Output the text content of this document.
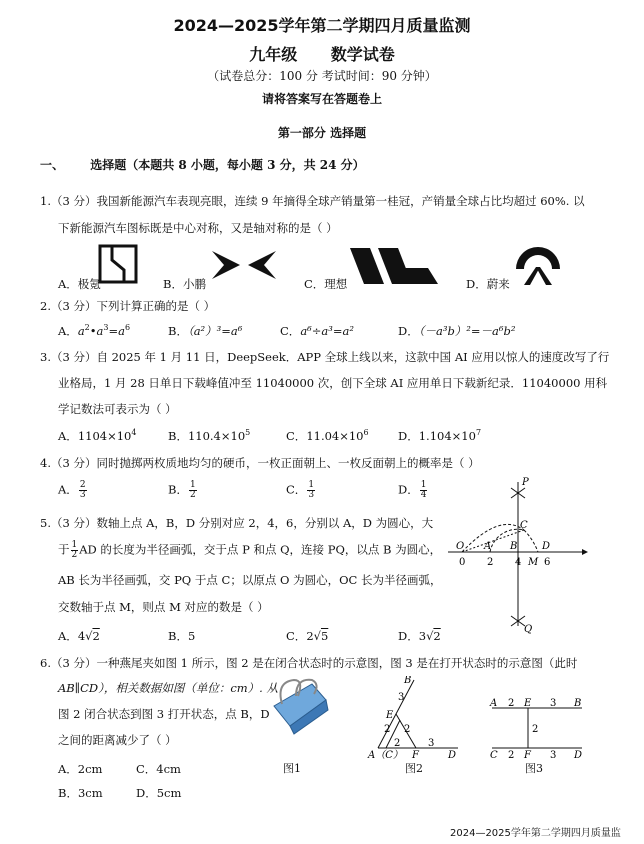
2024—2025学年第二学期四月质量监测
九年级 数学试卷
（试卷总分：100 分 考试时间：90 分钟）
请将答案写在答题卷上
第一部分 选择题
一、 选择题（本题共 8 小题，每小题 3 分，共 24 分）
1.（3 分）我国新能源汽车表现亮眼，连续 9 年摘得全球产销量第一桂冠，产销量全球占比均超过 60%. 以
下新能源汽车图标既是中心对称，又是轴对称的是（ ）
A．极氪	B．小鹏	C．理想	D．蔚来
2.（3 分）下列计算正确的是（ ）
A．$a^2•a^3=a^6$	B．（a²）³=a⁶	C．a⁶÷a³=a²	D．（－a³b）²=－a⁶b²
3.（3 分）自 2025 年 1 月 11 日，DeepSeek．APP 全球上线以来，这款中国 AI 应用以惊人的速度改写了行
业格局，1 月 28 日单日下载峰值冲至 11040000 次，创下全球 AI 应用单日下载新纪录．11040000 用科
学记数法可表示为（ ）
A．$1104\times 10^4$	B．$110.4\times 10^5$	C．$11.04\times 10^6$	D．$1.104\times 10^7$
4.（3 分）同时抛掷两枚质地均匀的硬币，一枚正面朝上、一枚反面朝上的概率是（ ）
A． $\frac{2}{3}$	B． $\frac{1}{2}$	C． $\frac{1}{3}$	D． $\frac{1}{4}$
5.（3 分）数轴上点 A，B，D 分别对应 2，4，6，分别以 A，D 为圆心，大
于 $\frac{1}{2}$ AD 的长度为半径画弧，交于点 P 和点 Q，连接 PQ，以点 B 为圆心，
AB 长为半径画弧，交 PQ 于点 C；以原点 O 为圆心，OC 长为半径画弧，
交数轴于点 M，则点 M 对应的数是（ ）
A．4√2	B．5	C．2√5	D．3√2
P
Q
C
O A B D
M
0 2 4 6
6.（3 分）一种燕尾夹如图 1 所示，图 2 是在闭合状态时的示意图，图 3 是在打开状态时的示意图（此时
AB∥CD），相关数据如图（单位：cm）. 从
图 2 闭合状态到图 3 打开状态，点 B，D
之间的距离减少了（ ）
A．2cm	C．4cm
B．3cm	D．5cm
图1
B
3
E
2 2
A（C）
2
F
3
D
图2
A 2 E 3 B
2
C 2 F 3 D
图3
2024—2025学年第二学期四月质量监
